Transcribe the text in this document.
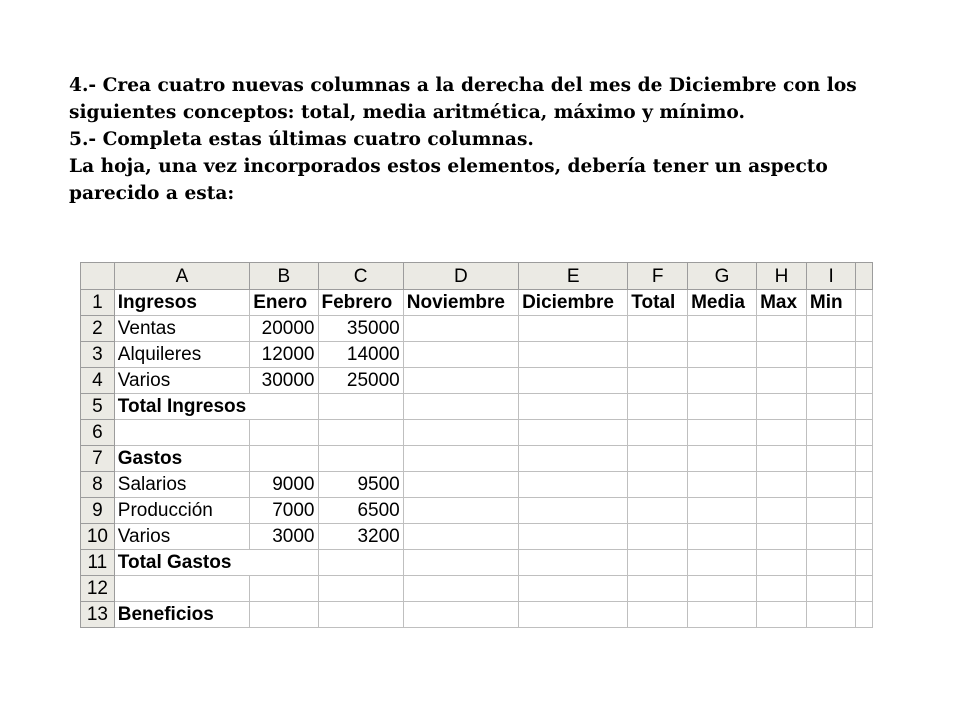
4.- Crea cuatro nuevas columnas a la derecha del mes de Diciembre con los siguientes conceptos: total, media aritmética, máximo y mínimo.

5.- Completa estas últimas cuatro columnas.

La hoja, una vez incorporados estos elementos, debería tener un aspecto parecido a esta:

	A	B	C	D	E	F	G	H	I	
1	Ingresos	Enero	Febrero	Noviembre	Diciembre	Total	Media	Max	Min	
2	Ventas	20000	35000							
3	Alquileres	12000	14000							
4	Varios	30000	25000							
5	Total Ingresos									
6										
7	Gastos									
8	Salarios	9000	9500							
9	Producción	7000	6500							
10	Varios	3000	3200							
11	Total Gastos									
12										
13	Beneficios									
